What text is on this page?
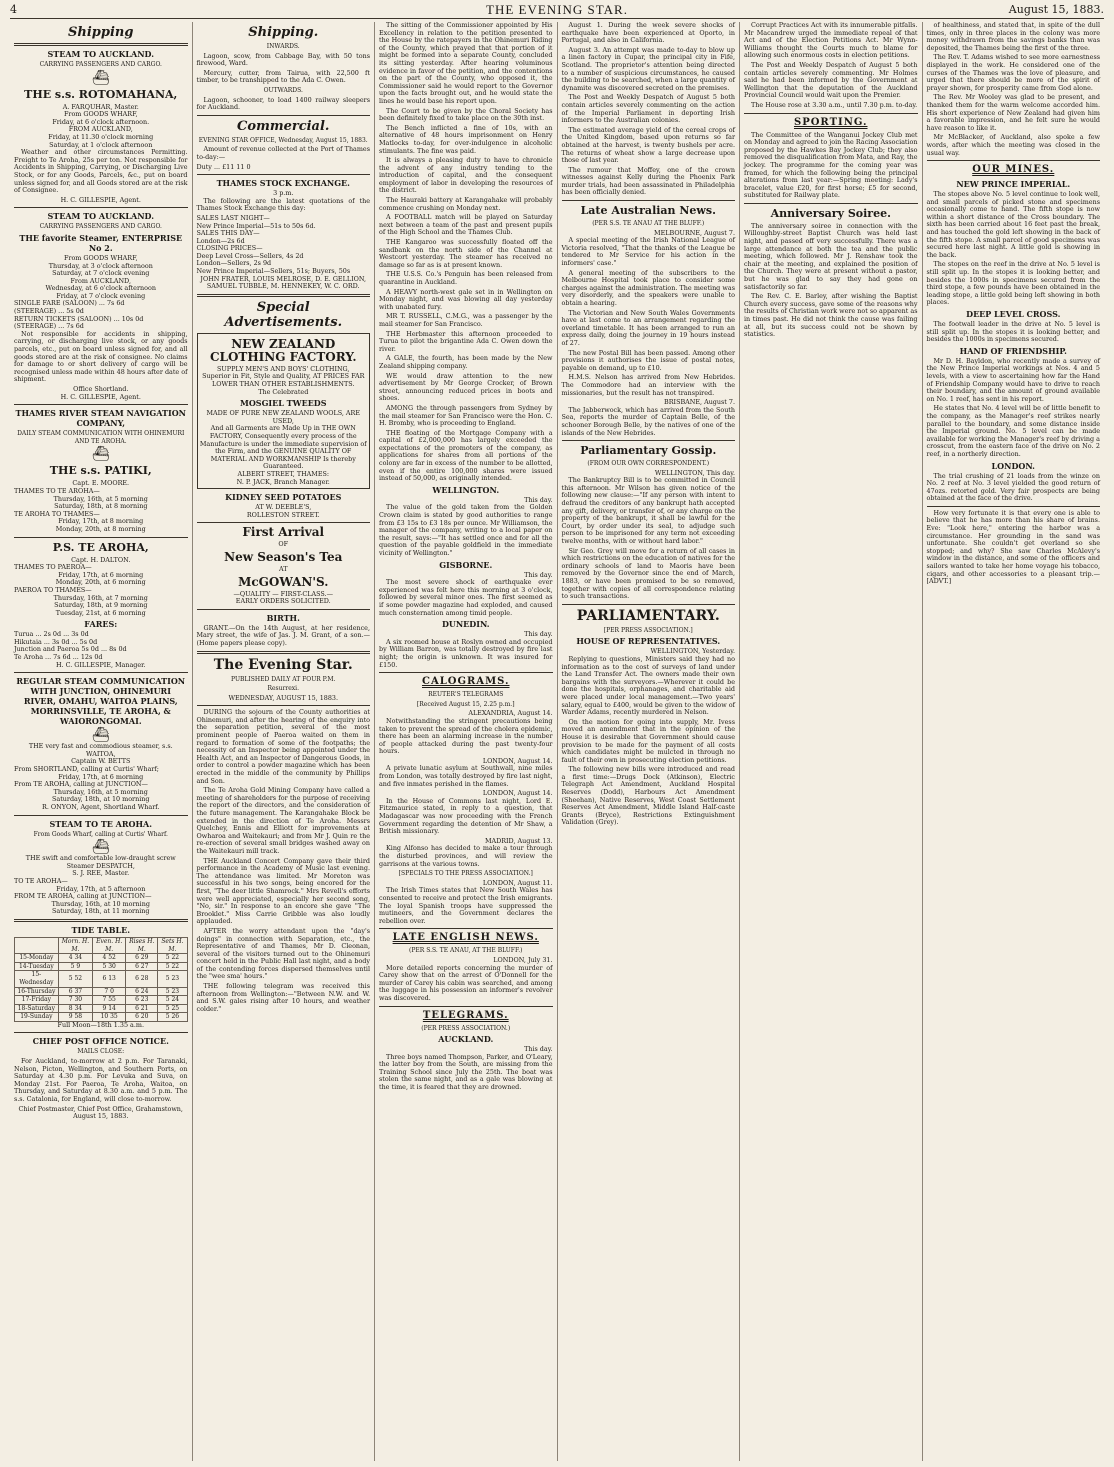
4	THE EVENING STAR.	August 15, 1883.
Shipping
STEAM TO AUCKLAND.
CARRYING PASSENGERS AND CARGO.
⛴
THE s.s. ROTOMAHANA,
A. FARQUHAR, Master.
From GOODS WHARF,
Friday, at 6 o'clock afternoon.
FROM AUCKLAND,
Friday, at 11.30 o'clock morning
Saturday, at 1 o'clock afternoon

Weather and other circumstances Permitting. Freight to Te Aroha, 25s per ton. Not responsible for Accidents in Shipping, Carrying, or Discharging Live Stock, or for any Goods, Parcels, &c., put on board unless signed for, and all Goods stored are at the risk of Consignee.

H. C. GILLESPIE, Agent.
STEAM TO AUCKLAND.
CARRYING PASSENGERS AND CARGO.
THE favorite Steamer, ENTERPRISE No 2.
From GOODS WHARF,
Thursday, at 3 o'clock afternoon
Saturday, at 7 o'clock evening
From AUCKLAND,
Wednesday, at 6 o'clock afternoon
Friday, at 7 o'clock evening
SINGLE FARE (SALOON) ... 7s 6d
(STEERAGE) ... 5s 0d
RETURN TICKETS (SALOON) ... 10s 0d
(STEERAGE) ... 7s 6d

Not responsible for accidents in shipping, carrying, or discharging live stock, or any goods parcels, etc., put on board unless signed for, and all goods stored are at the risk of consignee. No claims for damage to or short delivery of cargo will be recognised unless made within 48 hours after date of shipment.

Office Shortland.
H. C. GILLESPIE, Agent.
THAMES RIVER STEAM NAVIGATION COMPANY,
DAILY STEAM COMMUNICATION WITH OHINEMURI AND TE AROHA.
⛴
THE s.s. PATIKI,
Capt. E. MOORE.
THAMES TO TE AROHA—
Thursday, 16th, at 5 morning
Saturday, 18th, at 8 morning
TE AROHA TO THAMES—
Friday, 17th, at 8 morning
Monday, 20th, at 8 morning
P.S. TE AROHA,
Capt. H. DALTON.
THAMES TO PAEROA—
Friday, 17th, at 6 morning
Monday, 20th, at 6 morning
PAEROA TO THAMES—
Thursday, 16th, at 7 morning
Saturday, 18th, at 9 morning
Tuesday, 21st, at 6 morning
FARES:
Turua ... 2s 0d ... 3s 0d
Hikutaia ... 3s 0d ... 5s 0d
Junction and Paeroa 5s 0d ... 8s 0d
Te Aroha ... 7s 6d ... 12s 0d
H. C. GILLESPIE, Manager.
REGULAR STEAM COMMUNICATION WITH JUNCTION, OHINEMURI RIVER, OMAHU, WAITOA PLAINS, MORRINSVILLE, TE AROHA, & WAIORONGOMAI.
⛴
THE very fast and commodious steamer, s.s. WAITOA,
Captain W. BETTS
From SHORTLAND, calling at Curtis' Wharf;
Friday, 17th, at 6 morning
From TE AROHA, calling at JUNCTION—
Thursday, 16th, at 5 morning
Saturday, 18th, at 10 morning
R. ONYON, Agent, Shortland Wharf.
STEAM TO TE AROHA.
From Goods Wharf, calling at Curtis' Wharf.
⛴
THE swift and comfortable low-draught screw Steamer DESPATCH,
S. J. REE, Master.
TO TE AROHA—
Friday, 17th, at 5 afternoon
FROM TE AROHA, calling at JUNCTION—
Thursday, 16th, at 10 morning
Saturday, 18th, at 11 morning
TIDE TABLE.
	Morn. H. M.	Even. H. M.	Rises H. M.	Sets H. M.
15-Monday	4 34	4 52	6 29	5 22
14-Tuesday	5 9	5 30	6 27	5 22
15-Wednesday	5 52	6 13	6 28	5 23
16-Thursday	6 37	7 0	6 24	5 23
17-Friday	7 30	7 55	6 23	5 24
18-Saturday	8 34	9 14	6 21	5 25
19-Sunday	9 58	10 35	6 20	5 26
Full Moon—18th 1.35 a.m.
CHIEF POST OFFICE NOTICE.
MAILS CLOSE:

For Auckland, to-morrow at 2 p.m. For Taranaki, Nelson, Picton, Wellington, and Southern Ports, on Saturday at 4.30 p.m. For Levuka and Suva, on Monday 21st. For Paeroa, Te Aroha, Waitoa, on Thursday, and Saturday at 8.30 a.m. and 5 p.m. The s.s. Catalonia, for England, will close to-morrow.

Chief Postmaster, Chief Post Office, Grahamstown, August 15, 1883.
Shipping.
INWARDS.

Lagoon, scow, from Cabbage Bay, with 50 tons firewood, Ward.

Mercury, cutter, from Tairua, with 22,500 ft timber, to be transhipped to the Ada C. Owen.

OUTWARDS.

Lagoon, schooner, to load 1400 railway sleepers for Auckland.

Commercial.
EVENING STAR OFFICE, Wednesday, August 15, 1883.

Amount of revenue collected at the Port of Thames to-day:—

Duty ... £11 11 0
THAMES STOCK EXCHANGE.
3 p.m.

The following are the latest quotations of the Thames Stock Exchange this day:

SALES LAST NIGHT—
New Prince Imperial—51s to 50s 6d.
SALES THIS DAY—
London—2s 6d
CLOSING PRICES—
Deep Level Cross—Sellers, 4s 2d
London—Sellers, 2s 9d
New Prince Imperial—Sellers, 51s; Buyers, 50s
JOHN FRATER, LOUIS MELROSE, D. E. GELLION, SAMUEL TUBBLE, M. HENNEKEY, W. C. ORD.
Special Advertisements.
NEW ZEALAND CLOTHING FACTORY.
SUPPLY MEN'S AND BOYS' CLOTHING,
Superior in Fit, Style and Quality, AT PRICES FAR LOWER THAN OTHER ESTABLISHMENTS.
The Celebrated
MOSGIEL TWEEDS
MADE OF PURE NEW ZEALAND WOOLS, ARE USED,
And all Garments are Made Up in THE OWN FACTORY, Consequently every process of the Manufacture is under the immediate supervision of the Firm, and the GENUINE QUALITY OF MATERIAL AND WORKMANSHIP Is thereby Guaranteed.
ALBERT STREET, THAMES:
N. P. JACK, Branch Manager.
KIDNEY SEED POTATOES
AT W. DEEBLE'S,
ROLLESTON STREET.
First Arrival
OF
New Season's Tea
AT
McGOWAN'S.
—QUALITY — FIRST-CLASS.—
EARLY ORDERS SOLICITED.
BIRTH.

GRANT.—On the 14th August, at her residence, Mary street, the wife of Jas. J. M. Grant, of a son.—(Home papers please copy).

The Evening Star.
PUBLISHED DAILY AT FOUR P.M.
Resurrexi.
WEDNESDAY, AUGUST 15, 1883.

DURING the sojourn of the County authorities at Ohinemuri, and after the hearing of the enquiry into the separation petition, several of the most prominent people of Paeroa waited on them in regard to formation of some of the footpaths; the necessity of an Inspector being appointed under the Health Act, and an Inspector of Dangerous Goods, in order to control a powder magazine which has been erected in the middle of the community by Phillips and Son.

The Te Aroha Gold Mining Company have called a meeting of shareholders for the purpose of receiving the report of the directors, and the consideration of the future management. The Karangahake Block be extended in the direction of Te Aroha. Messrs Quelchey, Ennis and Elliott for improvements at Owharoa and Waitekauri; and from Mr J. Quin re the re-erection of several small bridges washed away on the Waitekauri mill track.

THE Auckland Concert Company gave their third performance in the Academy of Music last evening. The attendance was limited. Mr Moreton was successful in his two songs, being encored for the first, "The deer little Shamrock." Mrs Revell's efforts were well appreciated, especially her second song, "No, sir." In response to an encore she gave "The Brooklet." Miss Carrie Gribble was also loudly applauded.

AFTER the worry attendant upon the "day's doings" in connection with Separation, etc., the Representative of and Thames, Mr D. Cleonan, several of the visitors turned out to the Ohinemuri concert held in the Public Hall last night, and a body of the contending forces dispersed themselves until the "wee sma' hours."

THE following telegram was received this afternoon from Wellington:—"Between N.W. and W. and S.W. gales rising after 10 hours, and weather colder."

The sitting of the Commissioner appointed by His Excellency in relation to the petition presented to the House by the ratepayers in the Ohinemuri Riding of the County, which prayed that that portion of it might be formed into a separate County, concluded its sitting yesterday. After hearing voluminous evidence in favor of the petition, and the contentions on the part of the County, who opposed it, the Commissioner said he would report to the Governor upon the facts brought out, and he would state the lines he would base his report upon.

The Court to be given by the Choral Society has been definitely fixed to take place on the 30th inst.

The Bench inflicted a fine of 10s, with an alternative of 48 hours imprisonment on Henry Matlocks to-day, for over-indulgence in alcoholic stimulants. The fine was paid.

It is always a pleasing duty to have to chronicle the advent of any industry tending to the introduction of capital, and the consequent employment of labor in developing the resources of the district.

The Hauraki battery at Karangahake will probably commence crushing on Monday next.

A FOOTBALL match will be played on Saturday next between a team of the past and present pupils of the High School and the Thames Club.

THE Kangaroo was successfully floated off the sandbank on the north side of the Channel at Westcort yesterday. The steamer has received no damage so far as is at present known.

THE U.S.S. Co.'s Penguin has been released from quarantine in Auckland.

A HEAVY north-west gale set in in Wellington on Monday night, and was blowing all day yesterday with unabated fury.

MR T. RUSSELL, C.M.G., was a passenger by the mail steamer for San Francisco.

THE Herbmaster this afternoon proceeded to Turua to pilot the brigantine Ada C. Owen down the river.

A GALE, the fourth, has been made by the New Zealand shipping company.

WE would draw attention to the new advertisement by Mr George Crocker, of Brown street, announcing reduced prices in boots and shoes.

AMONG the through passengers from Sydney by the mail steamer for San Francisco were the Hon. C. H. Bromby, who is proceeding to England.

THE floating of the Mortgage Company with a capital of £2,000,000 has largely exceeded the expectations of the promoters of the company, as applications for shares from all portions of the colony are far in excess of the number to be allotted, even if the entire 100,000 shares were issued instead of 50,000, as originally intended.

WELLINGTON.
This day.

The value of the gold taken from the Golden Crown claim is stated by good authorities to range from £3 15s to £3 18s per ounce. Mr Williamson, the manager of the company, writing to a local paper on the result, says:—"It has settled once and for all the question of the payable goldfield in the immediate vicinity of Wellington."

GISBORNE.
This day.

The most severe shock of earthquake ever experienced was felt here this morning at 3 o'clock, followed by several minor ones. The first seemed as if some powder magazine had exploded, and caused much consternation among timid people.

DUNEDIN.
This day.

A six roomed house at Roslyn owned and occupied by William Barron, was totally destroyed by fire last night; the origin is unknown. It was insured for £150.

CALOGRAMS.
REUTER'S TELEGRAMS
[Received August 15, 2.25 p.m.]
ALEXANDRIA, August 14.

Notwithstanding the stringent precautions being taken to prevent the spread of the cholera epidemic, there has been an alarming increase in the number of people attacked during the past twenty-four hours.

LONDON, August 14.

A private lunatic asylum at Southwall, nine miles from London, was totally destroyed by fire last night, and five inmates perished in the flames.

LONDON, August 14.

In the House of Commons last night, Lord E. Fitzmaurice stated, in reply to a question, that Madagascar was now proceeding with the French Government regarding the detention of Mr Shaw, a British missionary.

MADRID, August 13.

King Alfonso has decided to make a tour through the disturbed provinces, and will review the garrisons at the various towns.

[SPECIALS TO THE PRESS ASSOCIATION.]
LONDON, August 11.

The Irish Times states that New South Wales has consented to receive and protect the Irish emigrants. The loyal Spanish troops have suppressed the mutineers, and the Government declares the rebellion over.

LATE ENGLISH NEWS.
(PER S.S. TE ANAU, AT THE BLUFF.)
LONDON, July 31.

More detailed reports concerning the murder of Carey show that on the arrest of O'Donnell for the murder of Carey his cabin was searched, and among the luggage in his possession an informer's revolver was discovered.

TELEGRAMS.
(PER PRESS ASSOCIATION.)
AUCKLAND.
This day.

Three boys named Thompson, Parker, and O'Leary, the latter boy from the South, are missing from the Training School since July the 25th. The boat was stolen the same night, and as a gale was blowing at the time, it is feared that they are drowned.

August 1. During the week severe shocks of earthquake have been experienced at Oporto, in Portugal, and also in California.

August 3. An attempt was made to-day to blow up a linen factory in Cupar, the principal city in Fife, Scotland. The proprietor's attention being directed to a number of suspicious circumstances, he caused the building to be searched, when a large quantity of dynamite was discovered secreted on the premises.

The Post and Weekly Despatch of August 5 both contain articles severely commenting on the action of the Imperial Parliament in deporting Irish informers to the Australian colonies.

The estimated average yield of the cereal crops of the United Kingdom, based upon returns so far obtained at the harvest, is twenty bushels per acre. The returns of wheat show a large decrease upon those of last year.

The rumour that Moffey, one of the crown witnesses against Kelly during the Phoenix Park murder trials, had been assassinated in Philadelphia has been officially denied.

Late Australian News.
(PER S.S. TE ANAU AT THE BLUFF.)
MELBOURNE, August 7.

A special meeting of the Irish National League of Victoria resolved, "That the thanks of the League be tendered to Mr Service for his action in the informers' case."

A general meeting of the subscribers to the Melbourne Hospital took place to consider some charges against the administration. The meeting was very disorderly, and the speakers were unable to obtain a hearing.

The Victorian and New South Wales Governments have at last come to an arrangement regarding the overland timetable. It has been arranged to run an express daily, doing the journey in 19 hours instead of 27.

The new Postal Bill has been passed. Among other provisions it authorises the issue of postal notes, payable on demand, up to £10.

H.M.S. Nelson has arrived from New Hebrides. The Commodore had an interview with the missionaries, but the result has not transpired.

BRISBANE, August 7.

The Jabberwock, which has arrived from the South Sea, reports the murder of Captain Belle, of the schooner Borough Belle, by the natives of one of the islands of the New Hebrides.

Parliamentary Gossip.
(FROM OUR OWN CORRESPONDENT.)
WELLINGTON, This day.

The Bankruptcy Bill is to be committed in Council this afternoon. Mr Wilson has given notice of the following new clause:—"If any person with intent to defraud the creditors of any bankrupt hath accepted any gift, delivery, or transfer of, or any charge on the property of the bankrupt, it shall be lawful for the Court, by order under its seal, to adjudge such person to be imprisoned for any term not exceeding twelve months, with or without hard labor."

Sir Geo. Grey will move for a return of all cases in which restrictions on the education of natives for the ordinary schools of land to Maoris have been removed by the Governor since the end of March, 1883, or have been promised to be so removed, together with copies of all correspondence relating to such transactions.

PARLIAMENTARY.
[PER PRESS ASSOCIATION.]
HOUSE OF REPRESENTATIVES.
WELLINGTON, Yesterday.

Replying to questions, Ministers said they had no information as to the cost of surveys of land under the Land Transfer Act. The owners made their own bargains with the surveyors.—Wherever it could be done the hospitals, orphanages, and charitable aid were placed under local management.—Two years' salary, equal to £400, would be given to the widow of Warder Adams, recently murdered in Nelson.

On the motion for going into supply, Mr. Ivess moved an amendment that in the opinion of the House it is desirable that Government should cause provision to be made for the payment of all costs which candidates might be mulcted in through no fault of their own in prosecuting election petitions.

The following new bills were introduced and read a first time:—Drugs Dock (Atkinson), Electric Telegraph Act Amendment, Auckland Hospital Reserves (Dodd), Harbours Act Amendment (Sheehan), Native Reserves, West Coast Settlement Reserves Act Amendment, Middle Island Half-caste Grants (Bryce), Restrictions Extinguishment Validation (Grey).

Corrupt Practices Act with its innumerable pitfalls. Mr Macandrew urged the immediate repeal of that Act and of the Election Petitions Act. Mr Wynn-Williams thought the Courts much to blame for allowing such enormous costs in election petitions.

The Post and Weekly Despatch of August 5 both contain articles severely commenting. Mr Holmes said he had been informed by the Government at Wellington that the deputation of the Auckland Provincial Council would wait upon the Premier.

The House rose at 3.30 a.m., until 7.30 p.m. to-day.

SPORTING.

The Committee of the Wanganui Jockey Club met on Monday and agreed to join the Racing Association proposed by the Hawkes Bay Jockey Club; they also removed the disqualification from Mata, and Ray, the jockey. The programme for the coming year was framed, for which the following being the principal alterations from last year:—Spring meeting: Lady's bracelet, value £20, for first horse; £5 for second, substituted for Railway plate.

Anniversary Soiree.

The anniversary soiree in connection with the Willoughby-street Baptist Church was held last night, and passed off very successfully. There was a large attendance at both the tea and the public meeting, which followed. Mr J. Renshaw took the chair at the meeting, and explained the position of the Church. They were at present without a pastor, but he was glad to say they had gone on satisfactorily so far.

The Rev. C. E. Barley, after wishing the Baptist Church every success, gave some of the reasons why the results of Christian work were not so apparent as in times past. He did not think the cause was failing at all, but its success could not be shown by statistics.

of healthiness, and stated that, in spite of the dull times, only in three places in the colony was more money withdrawn from the savings banks than was deposited, the Thames being the first of the three.

The Rev. T. Adams wished to see more earnestness displayed in the work. He considered one of the curses of the Thames was the love of pleasure, and urged that there should be more of the spirit of prayer shown, for prosperity came from God alone.

The Rev. Mr Wooley was glad to be present, and thanked them for the warm welcome accorded him. His short experience of New Zealand had given him a favorable impression, and he felt sure he would have reason to like it.

Mr McBlacker, of Auckland, also spoke a few words, after which the meeting was closed in the usual way.

OUR MINES.
NEW PRINCE IMPERIAL.

The stopes above No. 5 level continue to look well, and small parcels of picked stone and specimens occasionally come to hand. The fifth stope is now within a short distance of the Cross boundary. The sixth has been carried about 16 feet past the break, and has touched the gold left showing in the back of the fifth stope. A small parcel of good specimens was secured here last night. A little gold is showing in the back.

The stopes on the reef in the drive at No. 5 level is still split up. In the stopes it is looking better, and besides the 1000s in specimens secured from the third stope, a few pounds have been obtained in the leading stope, a little gold being left showing in both places.

DEEP LEVEL CROSS.

The footwall leader in the drive at No. 5 level is still split up. In the stopes it is looking better, and besides the 1000s in specimens secured.

HAND OF FRIENDSHIP.

Mr D. H. Bayldon, who recently made a survey of the New Prince Imperial workings at Nos. 4 and 5 levels, with a view to ascertaining how far the Hand of Friendship Company would have to drive to reach their boundary, and the amount of ground available on No. 1 reef, has sent in his report.

He states that No. 4 level will be of little benefit to the company, as the Manager's reef strikes nearly parallel to the boundary, and some distance inside the Imperial ground. No. 5 level can be made available for working the Manager's reef by driving a crosscut, from the eastern face of the drive on No. 2 reef, in a northerly direction.

LONDON.

The trial crushing of 21 loads from the winze on No. 2 reef at No. 3 level yielded the good return of 47ozs. retorted gold. Very fair prospects are being obtained at the face of the drive.

How very fortunate it is that every one is able to believe that he has more than his share of brains. Eve: "Look here," entering the harbor was a circumstance. Her grounding in the sand was unfortunate. She couldn't get overland so she stopped; and why? She saw Charles McAlevy's window in the distance, and some of the officers and sailors wanted to take her home voyage his tobacco, cigars, and other accessories to a pleasant trip.—[ADVT.]
